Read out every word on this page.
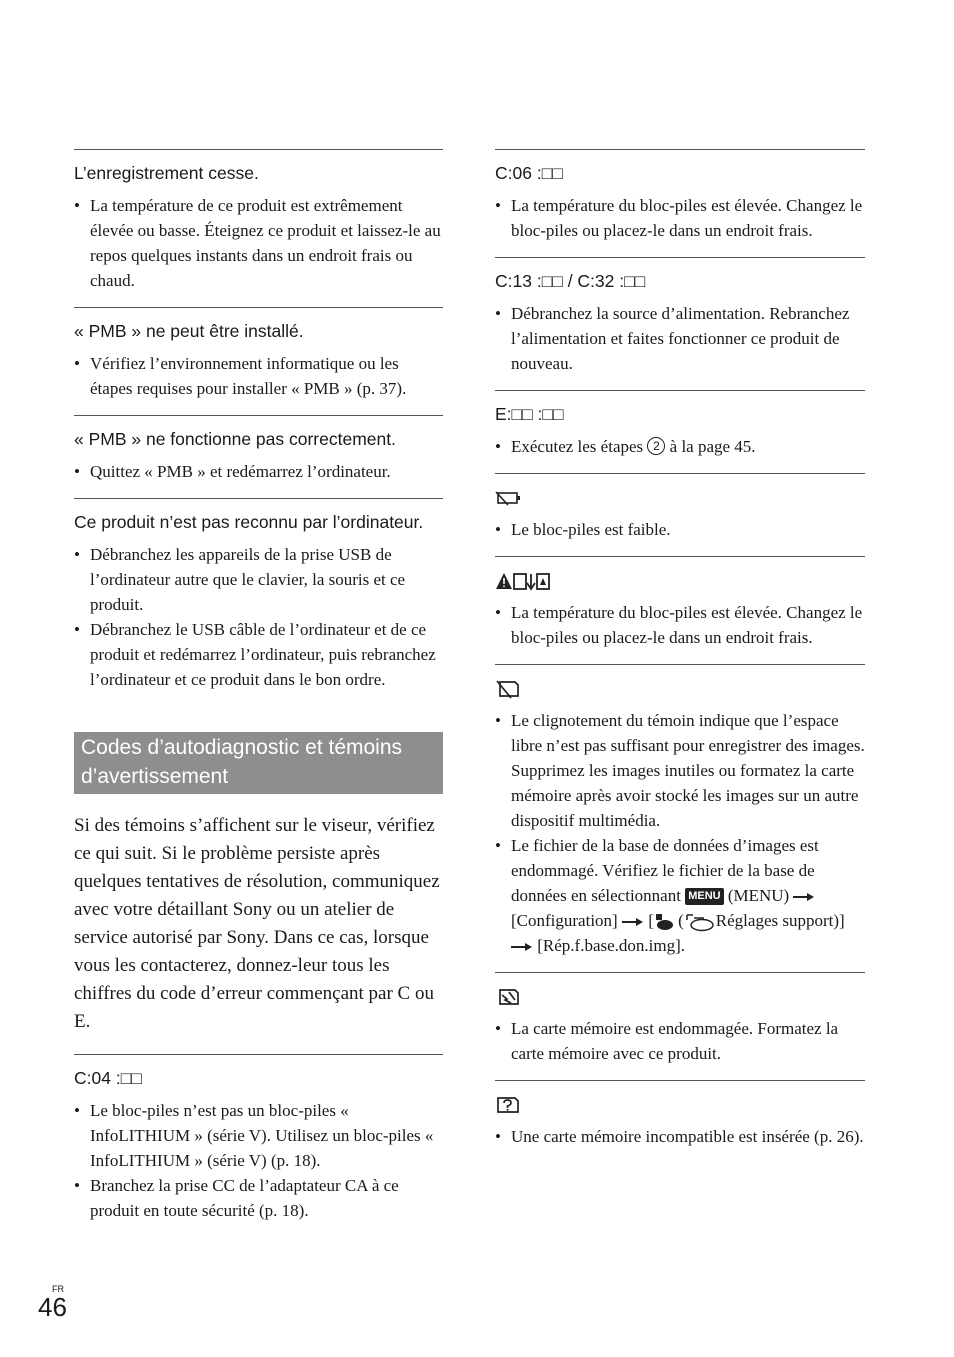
L’enregistrement cesse.
• La température de ce produit est extrêmement élevée ou basse. Éteignez ce produit et laissez-le au repos quelques instants dans un endroit frais ou chaud.
« PMB » ne peut être installé.
• Vérifiez l’environnement informatique ou les étapes requises pour installer « PMB » (p. 37).
« PMB » ne fonctionne pas correctement.
• Quittez « PMB » et redémarrez l’ordinateur.
Ce produit n’est pas reconnu par l’ordinateur.
• Débranchez les appareils de la prise USB de l’ordinateur autre que le clavier, la souris et ce produit.
• Débranchez le USB câble de l’ordinateur et de ce produit et redémarrez l’ordinateur, puis rebranchez l’ordinateur et ce produit dans le bon ordre.
Codes d’autodiagnostic et témoins d’avertissement
Si des témoins s’affichent sur le viseur, vérifiez ce qui suit. Si le problème persiste après quelques tentatives de résolution, communiquez avec votre détaillant Sony ou un atelier de service autorisé par Sony. Dans ce cas, lorsque vous les contacterez, donnez-leur tous les chiffres du code d’erreur commençant par C ou E.
C:04 :□□
• Le bloc-piles n’est pas un bloc-piles « InfoLITHIUM » (série V). Utilisez un bloc-piles « InfoLITHIUM » (série V) (p. 18).
• Branchez la prise CC de l’adaptateur CA à ce produit en toute sécurité (p. 18).
C:06 :□□
• La température du bloc-piles est élevée. Changez le bloc-piles ou placez-le dans un endroit frais.
C:13 :□□ / C:32 :□□
• Débranchez la source d’alimentation. Rebranchez l’alimentation et faites fonctionner ce produit de nouveau.
E:□□ :□□
• Exécutez les étapes 2 à la page 45.
• Le bloc-piles est faible.
• La température du bloc-piles est élevée. Changez le bloc-piles ou placez-le dans un endroit frais.
• Le clignotement du témoin indique que l’espace libre n’est pas suffisant pour enregistrer des images. Supprimez les images inutiles ou formatez la carte mémoire après avoir stocké les images sur un autre dispositif multimédia.
• Le fichier de la base de données d’images est endommagé. Vérifiez le fichier de la base de données en sélectionnant MENU (MENU)
[Configuration]
[
( Réglages support)]
[Rép.f.base.don.img].
• La carte mémoire est endommagée. Formatez la carte mémoire avec ce produit.
• Une carte mémoire incompatible est insérée (p. 26).
FR
46
